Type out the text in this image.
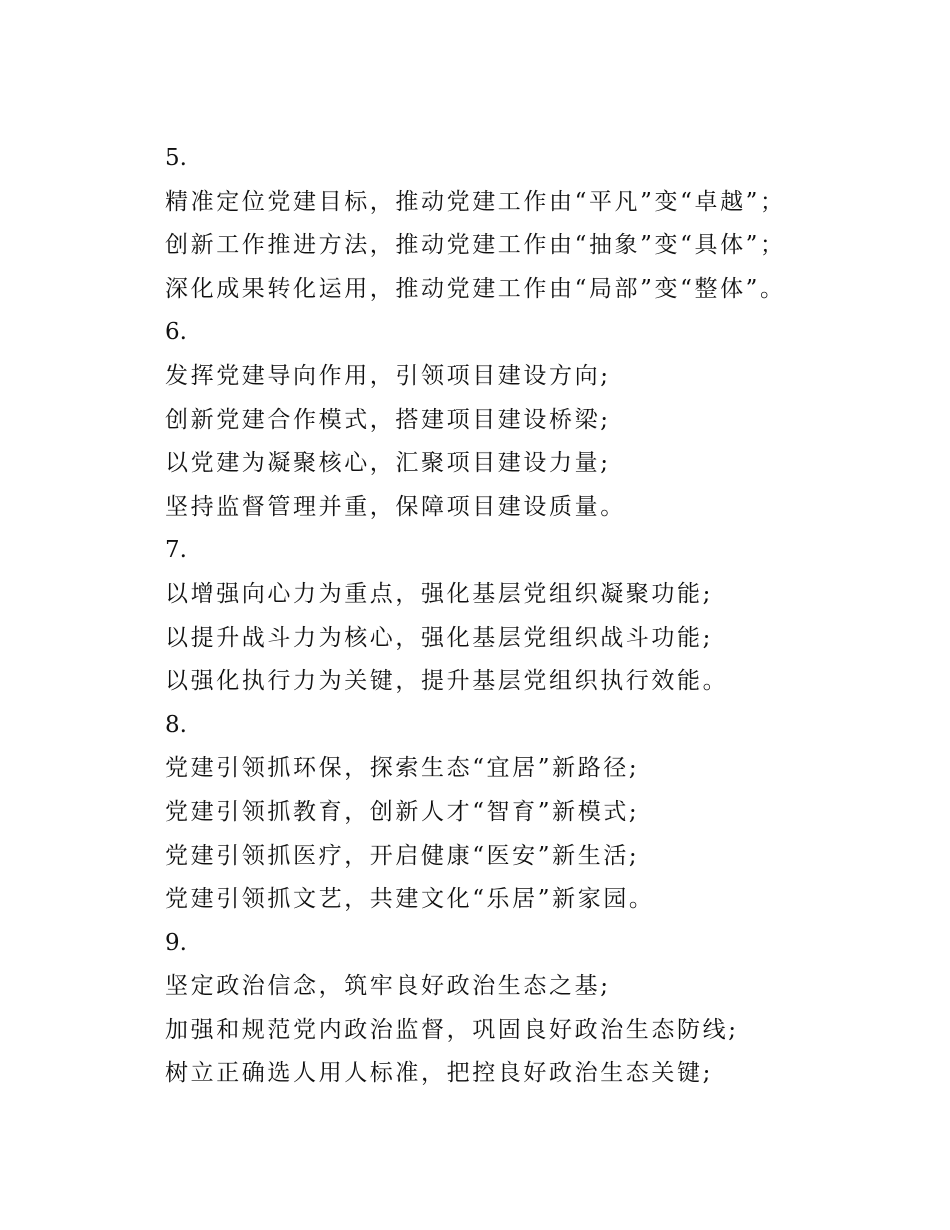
5.
精准定位党建目标，推动党建工作由“平凡”变“卓越”；
创新工作推进方法，推动党建工作由“抽象”变“具体”；
深化成果转化运用，推动党建工作由“局部”变“整体”。
6.
发挥党建导向作用，引领项目建设方向;
创新党建合作模式，搭建项目建设桥梁;
以党建为凝聚核心，汇聚项目建设力量;
坚持监督管理并重，保障项目建设质量。
7.
以增强向心力为重点，强化基层党组织凝聚功能;
以提升战斗力为核心，强化基层党组织战斗功能;
以强化执行力为关键，提升基层党组织执行效能。
8.
党建引领抓环保，探索生态“宜居”新路径;
党建引领抓教育，创新人才“智育”新模式;
党建引领抓医疗，开启健康“医安”新生活;
党建引领抓文艺，共建文化“乐居”新家园。
9.
坚定政治信念，筑牢良好政治生态之基;
加强和规范党内政治监督，巩固良好政治生态防线;
树立正确选人用人标准，把控良好政治生态关键;
